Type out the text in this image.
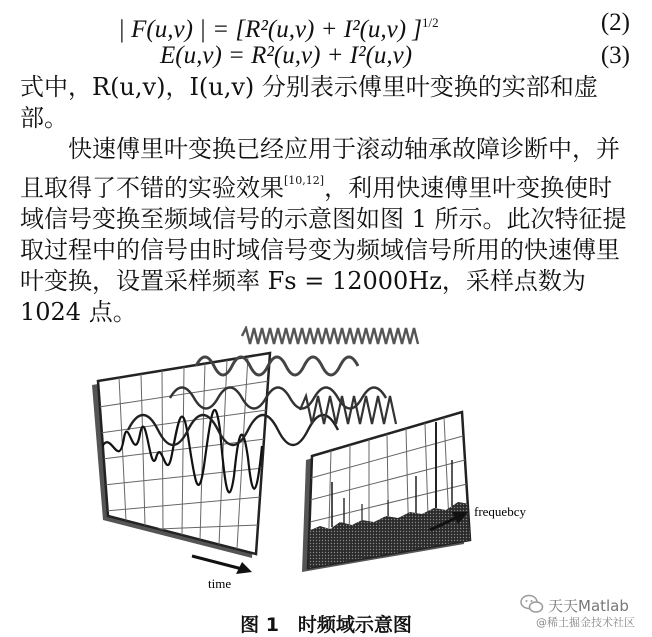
| F(u,v) | = [R²(u,v) + I²(u,v) ]$^{1/2}$	(2)
E(u,v) = R²(u,v) + I²(u,v)	(3)
式中，R(u,v)，I(u,v) 分别表示傅里叶变换的实部和虚部。
快速傅里叶变换已经应用于滚动轴承故障诊断中，并且取得了不错的实验效果[10,12]，利用快速傅里叶变换使时域信号变换至频域信号的示意图如图 1 所示。此次特征提取过程中的信号由时域信号变为频域信号所用的快速傅里叶变换，设置采样频率 Fs = 12000Hz，采样点数为 1024 点。
time
frequebcy
图 1　时频域示意图
天天Matlab
@稀土掘金技术社区
